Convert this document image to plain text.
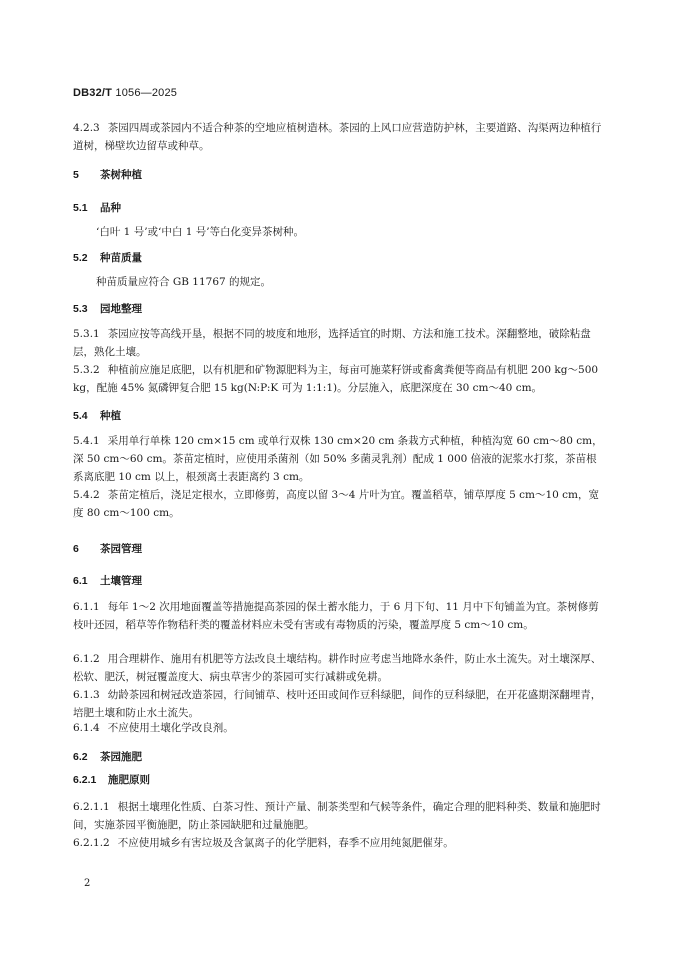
DB32/T 1056—2025
4.2.3 茶园四周或茶园内不适合种茶的空地应植树造林。茶园的上风口应营造防护林，主要道路、沟渠两边种植行道树，梯壁坎边留草或种草。
5 茶树种植
5.1 品种
‘白叶 1 号’或‘中白 1 号’等白化变异茶树种。
5.2 种苗质量
种苗质量应符合 GB 11767 的规定。
5.3 园地整理
5.3.1 茶园应按等高线开垦，根据不同的坡度和地形，选择适宜的时期、方法和施工技术。深翻整地，破除粘盘层，熟化土壤。
5.3.2 种植前应施足底肥，以有机肥和矿物源肥料为主，每亩可施菜籽饼或畜禽粪便等商品有机肥 200 kg～500 kg，配施 45% 氮磷钾复合肥 15 kg(N:P:K 可为 1:1:1)。分层施入，底肥深度在 30 cm～40 cm。
5.4 种植
5.4.1 采用单行单株 120 cm×15 cm 或单行双株 130 cm×20 cm 条栽方式种植，种植沟宽 60 cm～80 cm，深 50 cm～60 cm。茶苗定植时，应使用杀菌剂（如 50% 多菌灵乳剂）配成 1 000 倍液的泥浆水打浆，茶苗根系离底肥 10 cm 以上，根颈离土表距离约 3 cm。
5.4.2 茶苗定植后，浇足定根水，立即修剪，高度以留 3～4 片叶为宜。覆盖稻草，铺草厚度 5 cm～10 cm，宽度 80 cm～100 cm。
6 茶园管理
6.1 土壤管理
6.1.1 每年 1～2 次用地面覆盖等措施提高茶园的保土蓄水能力，于 6 月下旬、11 月中下旬铺盖为宜。茶树修剪枝叶还园，稻草等作物秸秆类的覆盖材料应未受有害或有毒物质的污染，覆盖厚度 5 cm～10 cm。
6.1.2 用合理耕作、施用有机肥等方法改良土壤结构。耕作时应考虑当地降水条件，防止水土流失。对土壤深厚、松软、肥沃，树冠覆盖度大、病虫草害少的茶园可实行减耕或免耕。
6.1.3 幼龄茶园和树冠改造茶园，行间铺草、枝叶还田或间作豆科绿肥，间作的豆科绿肥，在开花盛期深翻埋青，培肥土壤和防止水土流失。
6.1.4 不应使用土壤化学改良剂。
6.2 茶园施肥
6.2.1 施肥原则
6.2.1.1 根据土壤理化性质、白茶习性、预计产量、制茶类型和气候等条件，确定合理的肥料种类、数量和施肥时间，实施茶园平衡施肥，防止茶园缺肥和过量施肥。
6.2.1.2 不应使用城乡有害垃圾及含氯离子的化学肥料，春季不应用纯氮肥催芽。
2
